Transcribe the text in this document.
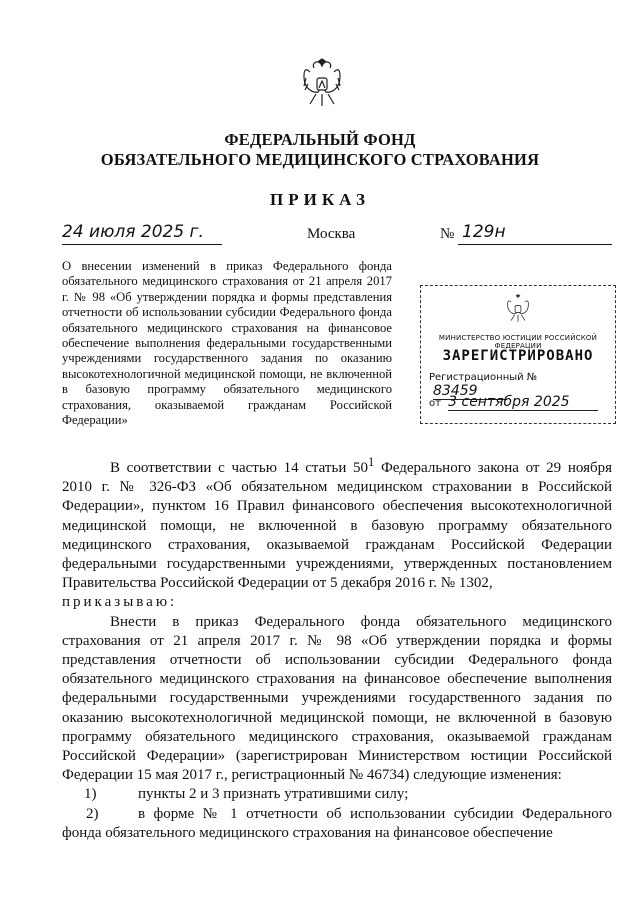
ФЕДЕРАЛЬНЫЙ ФОНД
ОБЯЗАТЕЛЬНОГО МЕДИЦИНСКОГО СТРАХОВАНИЯ
ПРИКАЗ
24 июля 2025 г.	Москва	№ 129н
О внесении изменений в приказ Федерального фонда обязательного медицинского страхования от 21 апреля 2017 г. № 98 «Об утверждении порядка и формы представления отчетности об использовании субсидии Федерального фонда обязательного медицинского страхования на финансовое обеспечение выполнения федеральными государственными учреждениями государственного задания по оказанию высокотехнологичной медицинской помощи, не включенной в базовую программу обязательного медицинского страхования, оказываемой гражданам Российской Федерации»
МИНИСТЕРСТВО ЮСТИЦИИ РОССИЙСКОЙ ФЕДЕРАЦИИ
ЗАРЕГИСТРИРОВАНО
Регистрационный № 83459
от 3 сентября 2025

В соответствии с частью 14 статьи $50^1$ Федерального закона от 29 ноября 2010 г. № 326-ФЗ «Об обязательном медицинском страховании в Российской Федерации», пунктом 16 Правил финансового обеспечения высокотехнологичной медицинской помощи, не включенной в базовую программу обязательного медицинского страхования, оказываемой гражданам Российской Федерации федеральными государственными учреждениями, утвержденных постановлением Правительства Российской Федерации от 5 декабря 2016 г. № 1302,

приказываю:

Внести в приказ Федерального фонда обязательного медицинского страхования от 21 апреля 2017 г. № 98 «Об утверждении порядка и формы представления отчетности об использовании субсидии Федерального фонда обязательного медицинского страхования на финансовое обеспечение выполнения федеральными государственными учреждениями государственного задания по оказанию высокотехнологичной медицинской помощи, не включенной в базовую программу обязательного медицинского страхования, оказываемой гражданам Российской Федерации» (зарегистрирован Министерством юстиции Российской Федерации 15 мая 2017 г., регистрационный № 46734) следующие изменения:

1)	пункты 2 и 3 признать утратившими силу;

2)	в форме № 1 отчетности об использовании субсидии Федерального фонда обязательного медицинского страхования на финансовое обеспечение
